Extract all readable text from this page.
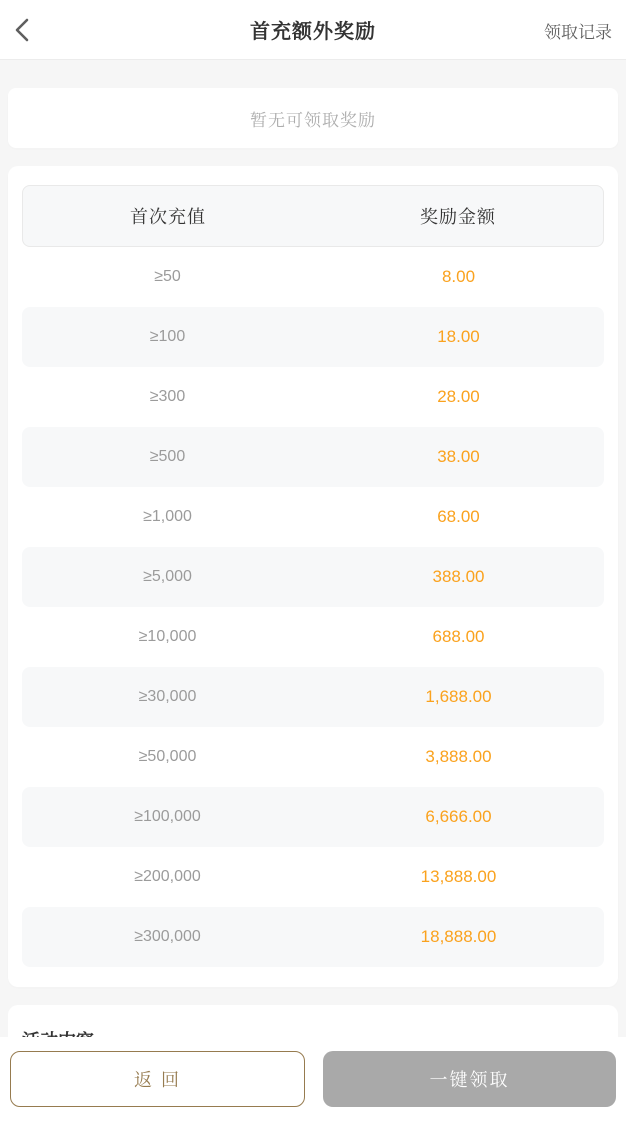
首充额外奖励	领取记录
暂无可领取奖励
首次充值	奖励金额
≥50	8.00
≥100	18.00
≥300	28.00
≥500	38.00
≥1,000	68.00
≥5,000	388.00
≥10,000	688.00
≥30,000	1,688.00
≥50,000	3,888.00
≥100,000	6,666.00
≥200,000	13,888.00
≥300,000	18,888.00
返 回	一键领取
